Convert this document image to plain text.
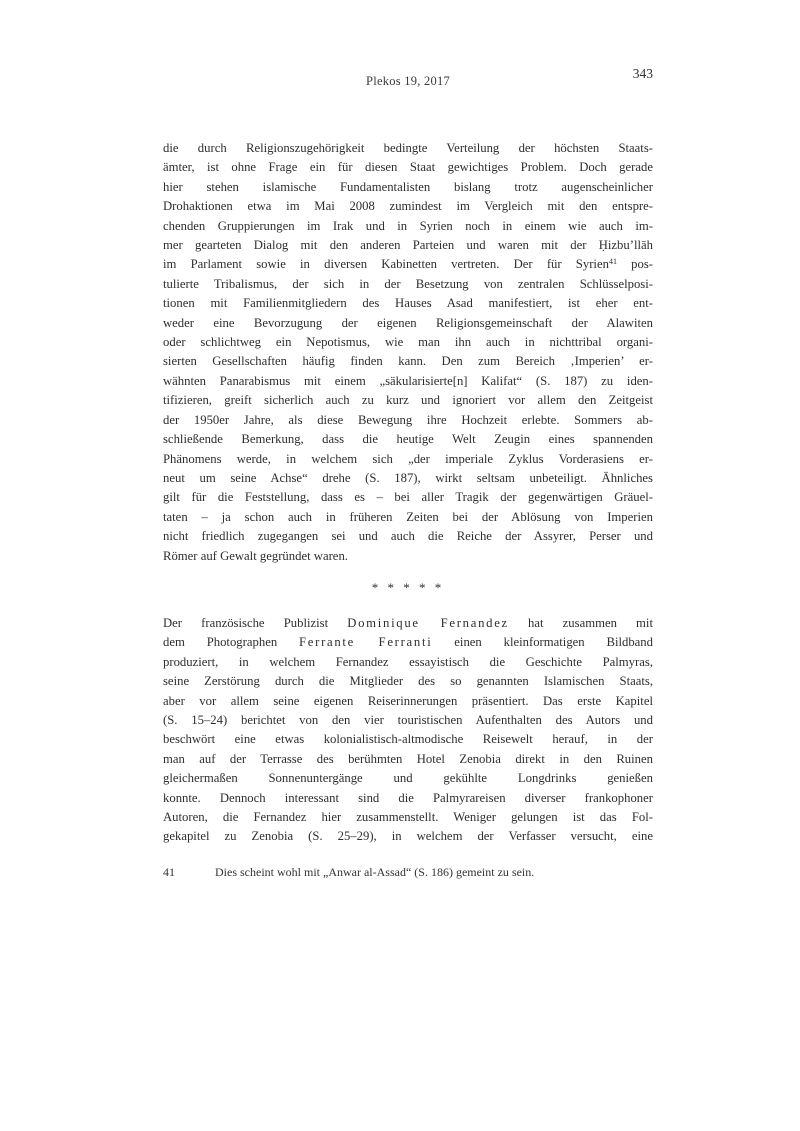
Plekos 19, 2017	343
die durch Religionszugehörigkeit bedingte Verteilung der höchsten Staats-
ämter, ist ohne Frage ein für diesen Staat gewichtiges Problem. Doch gerade
hier stehen islamische Fundamentalisten bislang trotz augenscheinlicher
Drohaktionen etwa im Mai 2008 zumindest im Vergleich mit den entspre-
chenden Gruppierungen im Irak und in Syrien noch in einem wie auch im-
mer gearteten Dialog mit den anderen Parteien und waren mit der Ḥizbu’llāh
im Parlament sowie in diversen Kabinetten vertreten. Der für Syrien$^{41}$ pos-
tulierte Tribalismus, der sich in der Besetzung von zentralen Schlüsselposi-
tionen mit Familienmitgliedern des Hauses Asad manifestiert, ist eher ent-
weder eine Bevorzugung der eigenen Religionsgemeinschaft der Alawiten
oder schlichtweg ein Nepotismus, wie man ihn auch in nichttribal organi-
sierten Gesellschaften häufig finden kann. Den zum Bereich ‚Imperien’ er-
wähnten Panarabismus mit einem „säkularisierte[n] Kalifat“ (S. 187) zu iden-
tifizieren, greift sicherlich auch zu kurz und ignoriert vor allem den Zeitgeist
der 1950er Jahre, als diese Bewegung ihre Hochzeit erlebte. Sommers ab-
schließende Bemerkung, dass die heutige Welt Zeugin eines spannenden
Phänomens werde, in welchem sich „der imperiale Zyklus Vorderasiens er-
neut um seine Achse“ drehe (S. 187), wirkt seltsam unbeteiligt. Ähnliches
gilt für die Feststellung, dass es – bei aller Tragik der gegenwärtigen Gräuel-
taten – ja schon auch in früheren Zeiten bei der Ablösung von Imperien
nicht friedlich zugegangen sei und auch die Reiche der Assyrer, Perser und
Römer auf Gewalt gegründet waren.
* * * * *
Der französische Publizist Dominique Fernandez hat zusammen mit
dem Photographen Ferrante Ferranti einen kleinformatigen Bildband
produziert, in welchem Fernandez essayistisch die Geschichte Palmyras,
seine Zerstörung durch die Mitglieder des so genannten Islamischen Staats,
aber vor allem seine eigenen Reiserinnerungen präsentiert. Das erste Kapitel
(S. 15–24) berichtet von den vier touristischen Aufenthalten des Autors und
beschwört eine etwas kolonialistisch-altmodische Reisewelt herauf, in der
man auf der Terrasse des berühmten Hotel Zenobia direkt in den Ruinen
gleichermaßen Sonnenuntergänge und gekühlte Longdrinks genießen
konnte. Dennoch interessant sind die Palmyrareisen diverser frankophoner
Autoren, die Fernandez hier zusammenstellt. Weniger gelungen ist das Fol-
gekapitel zu Zenobia (S. 25–29), in welchem der Verfasser versucht, eine
41	Dies scheint wohl mit „Anwar al-Assad“ (S. 186) gemeint zu sein.
